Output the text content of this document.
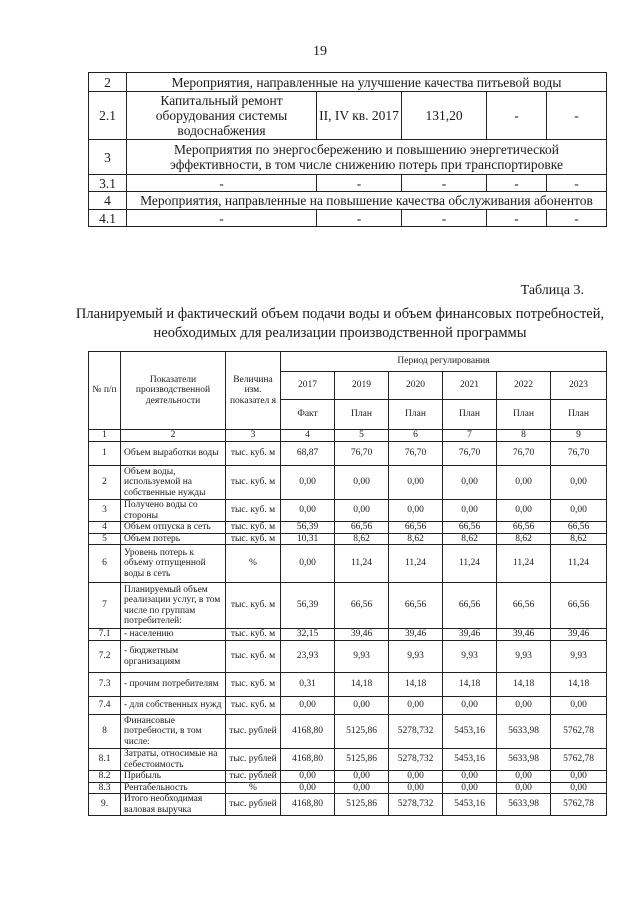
19
2	Мероприятия, направленные на улучшение качества питьевой воды				
2.1	Капитальный ремонт оборудования системы водоснабжения	II, IV кв. 2017	131,20	-	-
3	Мероприятия по энергосбережению и повышению энергетической эффективности, в том числе снижению потерь при транспортировке				
3.1	-	-	-	-	-
4	Мероприятия, направленные на повышение качества обслуживания абонентов				
4.1	-	-	-	-	-
Таблица 3.
Планируемый и фактический объем подачи воды и объем финансовых потребностей, необходимых для реализации производственной программы
№ п/п	Показатели производственной деятельности	Величина изм. показател я	Период регулирования					
			2017	2019	2020	2021	2022	2023
			Факт	План	План	План	План	План
1	2	3	4	5	6	7	8	9
1	Объем выработки воды	тыс. куб. м	68,87	76,70	76,70	76,70	76,70	76,70
2	Объем воды, используемой на собственные нужды	тыс. куб. м	0,00	0,00	0,00	0,00	0,00	0,00
3	Получено воды со стороны	тыс. куб. м	0,00	0,00	0,00	0,00	0,00	0,00
4	Объем отпуска в сеть	тыс. куб. м	56,39	66,56	66,56	66,56	66,56	66,56
5	Объем потерь	тыс. куб. м	10,31	8,62	8,62	8,62	8,62	8,62
6	Уровень потерь к объему отпущенной воды в сеть	%	0,00	11,24	11,24	11,24	11,24	11,24
7	Планируемый объем реализации услуг, в том числе по группам потребителей:	тыс. куб. м	56,39	66,56	66,56	66,56	66,56	66,56
7.1	- населению	тыс. куб. м	32,15	39,46	39,46	39,46	39,46	39,46
7.2	- бюджетным организациям	тыс. куб. м	23,93	9,93	9,93	9,93	9,93	9,93
7.3	- прочим потребителям	тыс. куб. м	0,31	14,18	14,18	14,18	14,18	14,18
7.4	- для собственных нужд	тыс. куб. м	0,00	0,00	0,00	0,00	0,00	0,00
8	Финансовые потребности, в том числе:	тыс. рублей	4168,80	5125,86	5278,732	5453,16	5633,98	5762,78
8.1	Затраты, относимые на себестоимость	тыс. рублей	4168,80	5125,86	5278,732	5453,16	5633,98	5762,78
8.2	Прибыль	тыс. рублей	0,00	0,00	0,00	0,00	0,00	0,00
8.3	Рентабельность	%	0,00	0,00	0,00	0,00	0,00	0,00
9.	Итого необходимая валовая выручка	тыс. рублей	4168,80	5125,86	5278,732	5453,16	5633,98	5762,78
